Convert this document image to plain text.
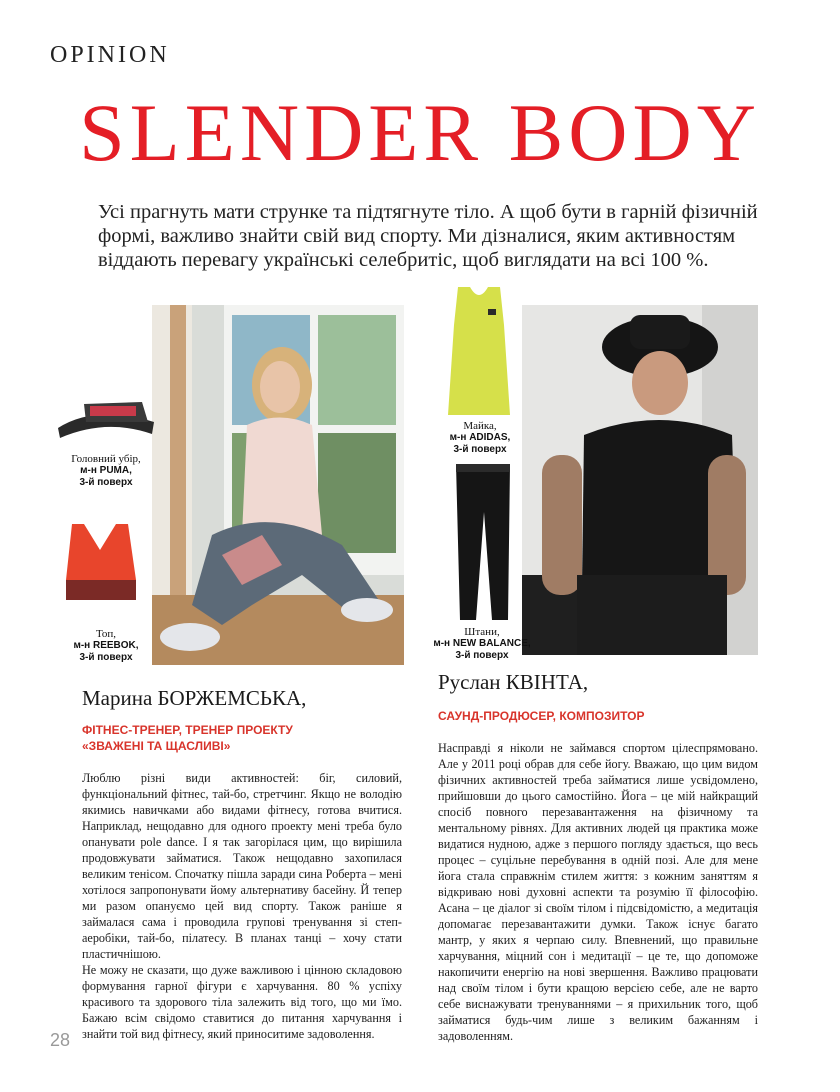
OPINION
SLENDER BODY
Усі прагнуть мати струнке та підтягнуте тіло. А щоб бути в гарній фізичній формі, важливо знайти свій вид спорту. Ми дізналися, яким активностям віддають перевагу українські селебритіс, щоб виглядати на всі 100 %.
Головний убір,
м-н PUMA,
3-й поверх
Топ,
м-н REEBOK,
3-й поверх
Майка,
м-н ADIDAS,
3-й поверх
Штани,
м-н NEW BALANCE,
3-й поверх
Марина БОРЖЕМСЬКА,
ФІТНЕС-ТРЕНЕР, ТРЕНЕР ПРОЕКТУ
«ЗВАЖЕНІ ТА ЩАСЛИВІ»

Люблю різні види активностей: біг, силовий, функціональний фітнес, тай-бо, стретчинг. Якщо не володію якимись навичками або видами фітнесу, готова вчитися. Наприклад, нещодавно для одного проекту мені треба було опанувати pole dance. І я так загорілася цим, що вирішила продовжувати займатися. Також нещодавно захопилася великим тенісом. Спочатку пішла заради сина Роберта – мені хотілося запропонувати йому альтернативу басейну. Й тепер ми разом опануємо цей вид спорту. Також раніше я займалася сама і проводила групові тренування зі степ-аеробіки, тай-бо, пілатесу. В планах танці – хочу стати пластичнішою.

Не можу не сказати, що дуже важливою і цінною складовою формування гарної фігури є харчування. 80 % успіху красивого та здорового тіла залежить від того, що ми їмо. Бажаю всім свідомо ставитися до питання харчування і знайти той вид фітнесу, який приноситиме задоволення.

Руслан КВІНТА,
САУНД-ПРОДЮСЕР, КОМПОЗИТОР

Насправді я ніколи не займався спортом цілеспрямовано. Але у 2011 році обрав для себе йогу. Вважаю, що цим видом фізичних активностей треба займатися лише усвідомлено, прийшовши до цього самостійно. Йога – це мій найкращий спосіб повного перезавантаження на фізичному та ментальному рівнях. Для активних людей ця практика може видатися нудною, адже з першого погляду здається, що весь процес – суцільне перебування в одній позі. Але для мене йога стала справжнім стилем життя: з кожним заняттям я відкриваю нові духовні аспекти та розумію її філософію. Асана – це діалог зі своїм тілом і підсвідомістю, а медитація допомагає перезавантажити думки. Також існує багато мантр, у яких я черпаю силу. Впевнений, що правильне харчування, міцний сон і медитації – це те, що допоможе накопичити енергію на нові звершення. Важливо працювати над своїм тілом і бути кращою версією себе, але не варто себе виснажувати тренуваннями – я прихильник того, щоб займатися будь-чим лише з великим бажанням і задоволенням.

28
